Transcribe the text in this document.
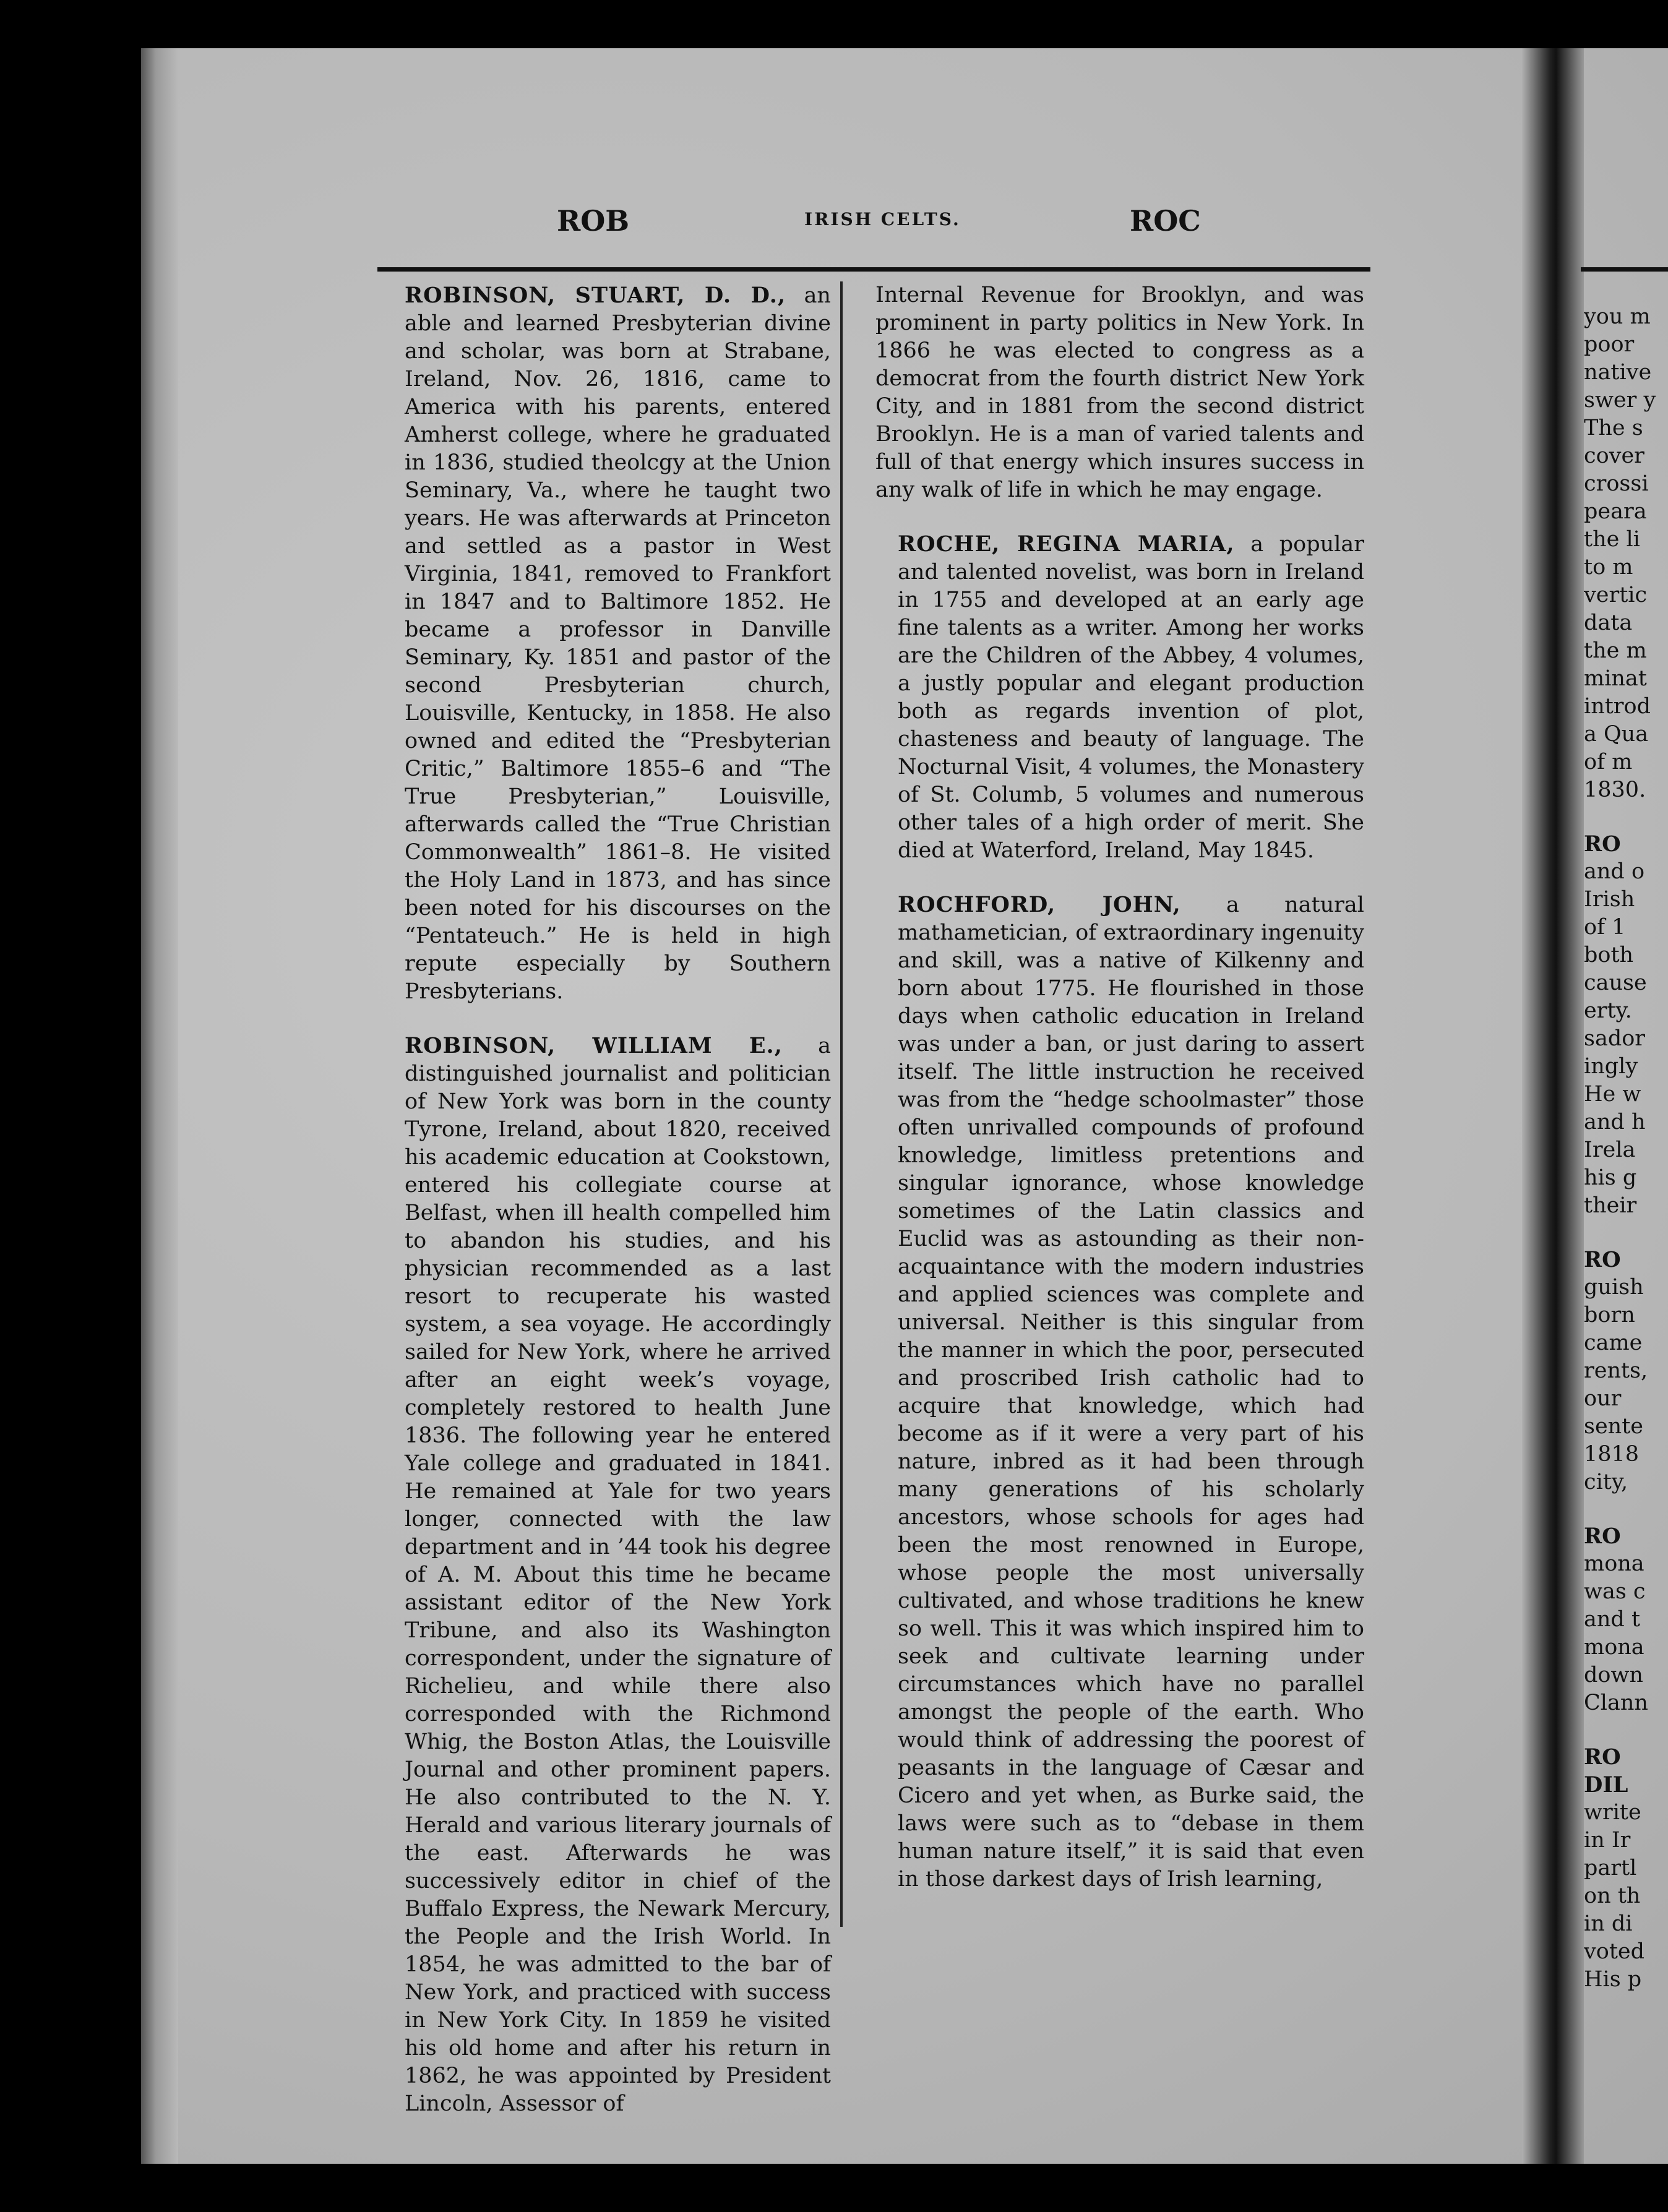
ROB	IRISH CELTS.	ROC

ROBINSON, STUART, D. D., an able and learned Presbyterian divine and scholar, was born at Strabane, Ireland, Nov. 26, 1816, came to America with his parents, entered Amherst college, where he graduated in 1836, studied theolcgy at the Union Seminary, Va., where he taught two years. He was afterwards at Princeton and settled as a pastor in West Virginia, 1841, removed to Frankfort in 1847 and to Baltimore 1852. He became a professor in Danville Seminary, Ky. 1851 and pastor of the second Presbyterian church, Louisville, Kentucky, in 1858. He also owned and edited the “Presbyterian Critic,” Baltimore 1855–6 and “The True Presbyterian,” Louisville, afterwards called the “True Christian Commonwealth” 1861–8. He visited the Holy Land in 1873, and has since been noted for his discourses on the “Pentateuch.” He is held in high repute especially by Southern Presbyterians.

ROBINSON, WILLIAM E., a distinguished journalist and politician of New York was born in the county Tyrone, Ireland, about 1820, received his academic education at Cookstown, entered his collegiate course at Belfast, when ill health compelled him to abandon his studies, and his physician recommended as a last resort to recuperate his wasted system, a sea voyage. He accordingly sailed for New York, where he arrived after an eight week’s voyage, completely restored to health June 1836. The following year he entered Yale college and graduated in 1841. He remained at Yale for two years longer, connected with the law department and in ’44 took his degree of A. M. About this time he became assistant editor of the New York Tribune, and also its Washington correspondent, under the signature of Richelieu, and while there also corresponded with the Richmond Whig, the Boston Atlas, the Louisville Journal and other prominent papers. He also contributed to the N. Y. Herald and various literary journals of the east. Afterwards he was successively editor in chief of the Buffalo Express, the Newark Mercury, the People and the Irish World. In 1854, he was admitted to the bar of New York, and practiced with success in New York City. In 1859 he visited his old home and after his return in 1862, he was appointed by President Lincoln, Assessor of

Internal Revenue for Brooklyn, and was prominent in party politics in New York. In 1866 he was elected to congress as a democrat from the fourth district New York City, and in 1881 from the second district Brooklyn. He is a man of varied talents and full of that energy which insures success in any walk of life in which he may engage.

ROCHE, REGINA MARIA, a popular and talented novelist, was born in Ireland in 1755 and developed at an early age fine talents as a writer. Among her works are the Children of the Abbey, 4 volumes, a justly popular and elegant production both as regards invention of plot, chasteness and beauty of language. The Nocturnal Visit, 4 volumes, the Monastery of St. Columb, 5 volumes and numerous other tales of a high order of merit. She died at Waterford, Ireland, May 1845.

ROCHFORD, JOHN, a natural mathametician, of extraordinary ingenuity and skill, was a native of Kilkenny and born about 1775. He flourished in those days when catholic education in Ireland was under a ban, or just daring to assert itself. The little instruction he received was from the “hedge schoolmaster” those often unrivalled compounds of profound knowledge, limitless pretentions and singular ignorance, whose knowledge sometimes of the Latin classics and Euclid was as astounding as their non-acquaintance with the modern industries and applied sciences was complete and universal. Neither is this singular from the manner in which the poor, persecuted and proscribed Irish catholic had to acquire that knowledge, which had become as if it were a very part of his nature, inbred as it had been through many generations of his scholarly ancestors, whose schools for ages had been the most renowned in Europe, whose people the most universally cultivated, and whose traditions he knew so well. This it was which inspired him to seek and cultivate learning under circumstances which have no parallel amongst the people of the earth. Who would think of addressing the poorest of peasants in the language of Cæsar and Cicero and yet when, as Burke said, the laws were such as to “debase in them human nature itself,” it is said that even in those darkest days of Irish learning,

you m
poor
native
swer y
The s
cover
crossi
peara
the li
to m
vertic
data
the m
minat
introd
a Qua
of m
1830.
RO
and o
Irish
of 1
both
cause
erty.
sador
ingly
He w
and h
Irela
his g
their
RO
guish
born
came
rents,
our
sente
1818
city,
RO
mona
was c
and t
mona
down
Clann
RO
DIL
write
in Ir
partl
on th
in di
voted
His p
